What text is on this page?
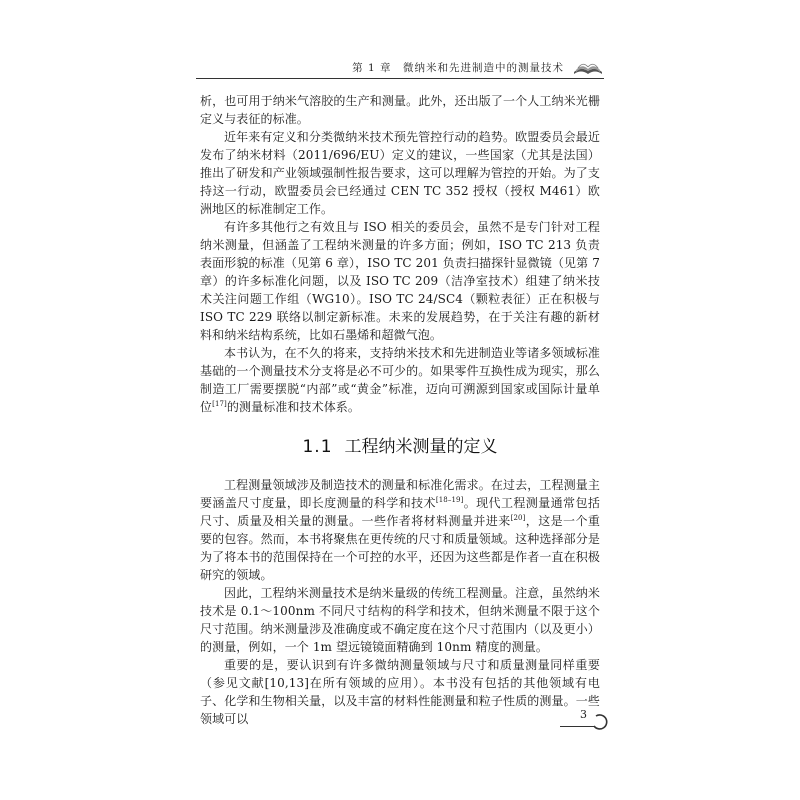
第 1 章　微纳米和先进制造中的测量技术

析，也可用于纳米气溶胶的生产和测量。此外，还出版了一个人工纳米光栅定义与表征的标准。

近年来有定义和分类微纳米技术预先管控行动的趋势。欧盟委员会最近发布了纳米材料（2011/696/EU）定义的建议，一些国家（尤其是法国）推出了研发和产业领域强制性报告要求，这可以理解为管控的开始。为了支持这一行动，欧盟委员会已经通过 CEN TC 352 授权（授权 M461）欧洲地区的标准制定工作。

有许多其他行之有效且与 ISO 相关的委员会，虽然不是专门针对工程纳米测量，但涵盖了工程纳米测量的许多方面；例如，ISO TC 213 负责表面形貌的标准（见第 6 章），ISO TC 201 负责扫描探针显微镜（见第 7 章）的许多标准化问题，以及 ISO TC 209（洁净室技术）组建了纳米技术关注问题工作组（WG10）。ISO TC 24/SC4（颗粒表征）正在积极与 ISO TC 229 联络以制定新标准。未来的发展趋势，在于关注有趣的新材料和纳米结构系统，比如石墨烯和超微气泡。

本书认为，在不久的将来，支持纳米技术和先进制造业等诸多领域标准基础的一个测量技术分支将是必不可少的。如果零件互换性成为现实，那么制造工厂需要摆脱“内部”或“黄金”标准，迈向可溯源到国家或国际计量单位[17]的测量标准和技术体系。

1.1 工程纳米测量的定义

工程测量领域涉及制造技术的测量和标准化需求。在过去，工程测量主要涵盖尺寸度量，即长度测量的科学和技术[18–19]。现代工程测量通常包括尺寸、质量及相关量的测量。一些作者将材料测量并进来[20]，这是一个重要的包容。然而，本书将聚焦在更传统的尺寸和质量领域。这种选择部分是为了将本书的范围保持在一个可控的水平，还因为这些都是作者一直在积极研究的领域。

因此，工程纳米测量技术是纳米量级的传统工程测量。注意，虽然纳米技术是 0.1～100nm 不同尺寸结构的科学和技术，但纳米测量不限于这个尺寸范围。纳米测量涉及准确度或不确定度在这个尺寸范围内（以及更小）的测量，例如，一个 1m 望远镜镜面精确到 10nm 精度的测量。

重要的是，要认识到有许多微纳测量领域与尺寸和质量测量同样重要（参见文献[10,13]在所有领域的应用）。本书没有包括的其他领域有电子、化学和生物相关量，以及丰富的材料性能测量和粒子性质的测量。一些领域可以	3
